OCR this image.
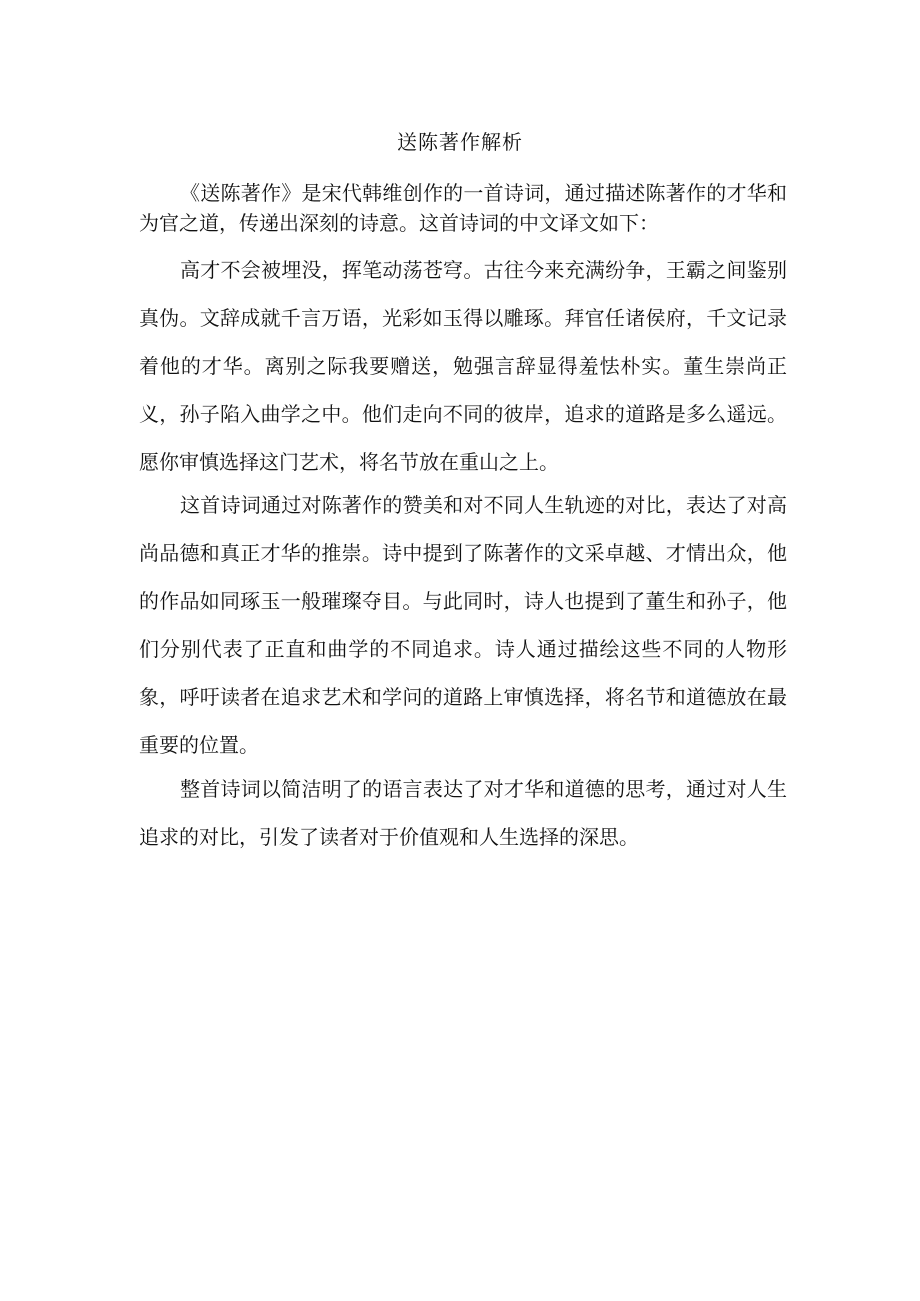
送陈著作解析

《送陈著作》是宋代韩维创作的一首诗词，通过描述陈著作的才华和为官之道，传递出深刻的诗意。这首诗词的中文译文如下：

高才不会被埋没，挥笔动荡苍穹。古往今来充满纷争，王霸之间鉴别真伪。文辞成就千言万语，光彩如玉得以雕琢。拜官任诸侯府，千文记录着他的才华。离别之际我要赠送，勉强言辞显得羞怯朴实。董生崇尚正义，孙子陷入曲学之中。他们走向不同的彼岸，追求的道路是多么遥远。愿你审慎选择这门艺术，将名节放在重山之上。

这首诗词通过对陈著作的赞美和对不同人生轨迹的对比，表达了对高尚品德和真正才华的推崇。诗中提到了陈著作的文采卓越、才情出众，他的作品如同琢玉一般璀璨夺目。与此同时，诗人也提到了董生和孙子，他们分别代表了正直和曲学的不同追求。诗人通过描绘这些不同的人物形象，呼吁读者在追求艺术和学问的道路上审慎选择，将名节和道德放在最重要的位置。

整首诗词以简洁明了的语言表达了对才华和道德的思考，通过对人生追求的对比，引发了读者对于价值观和人生选择的深思。
